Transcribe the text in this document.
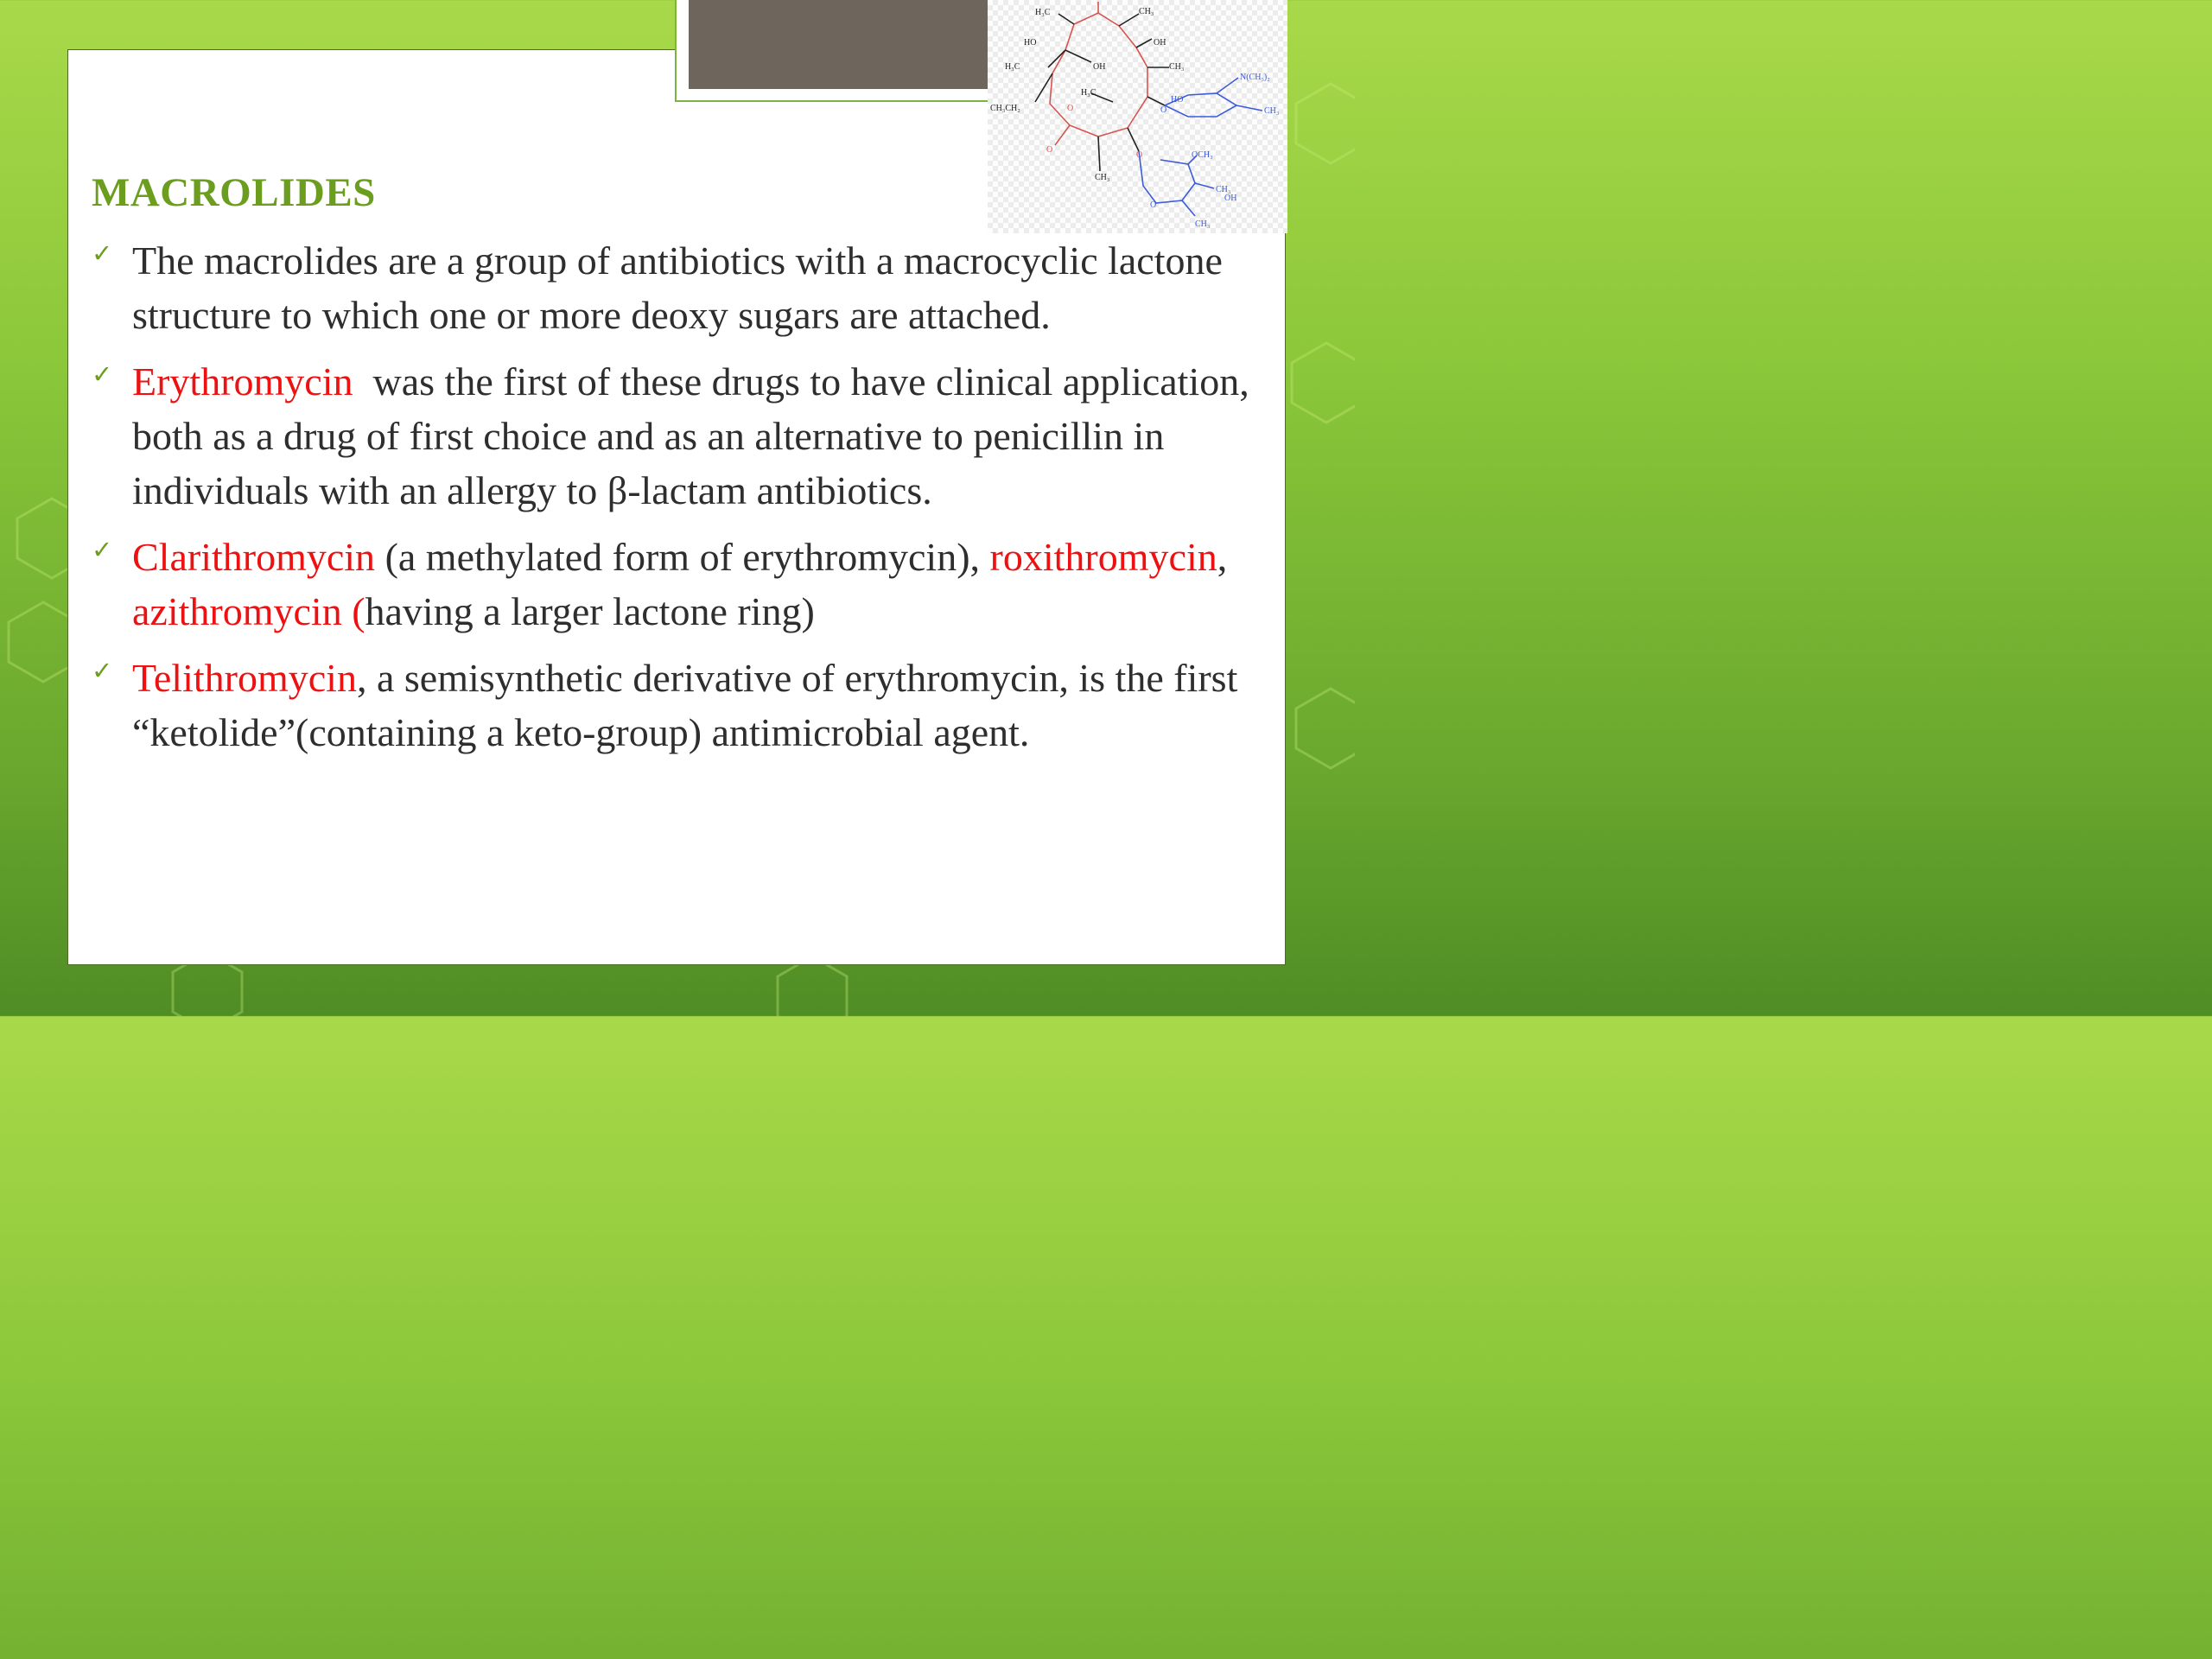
H₃C	CH₃
HO	OH
H₃C	OH	CH₃
N(CH₃)₂
CH₃CH₂
H₃C
HO
O	O	CH₃
O
O
CH₃
OCH₃
CH₃
OH
O
CH₃
MACROLIDES
✓ The macrolides are a group of antibiotics with a macrocyclic lactone  structure to which one or more deoxy sugars are attached.
✓ Erythromycin  was the first of these drugs to have clinical application, both as a drug of first choice and as an alternative to penicillin in  individuals with an allergy to β-lactam antibiotics.
✓ Clarithromycin (a methylated form of erythromycin), roxithromycin, azithromycin (having a larger lactone ring)
✓ Telithromycin, a semisynthetic derivative of erythromycin, is the first “ketolide”(containing a keto-group) antimicrobial agent.
